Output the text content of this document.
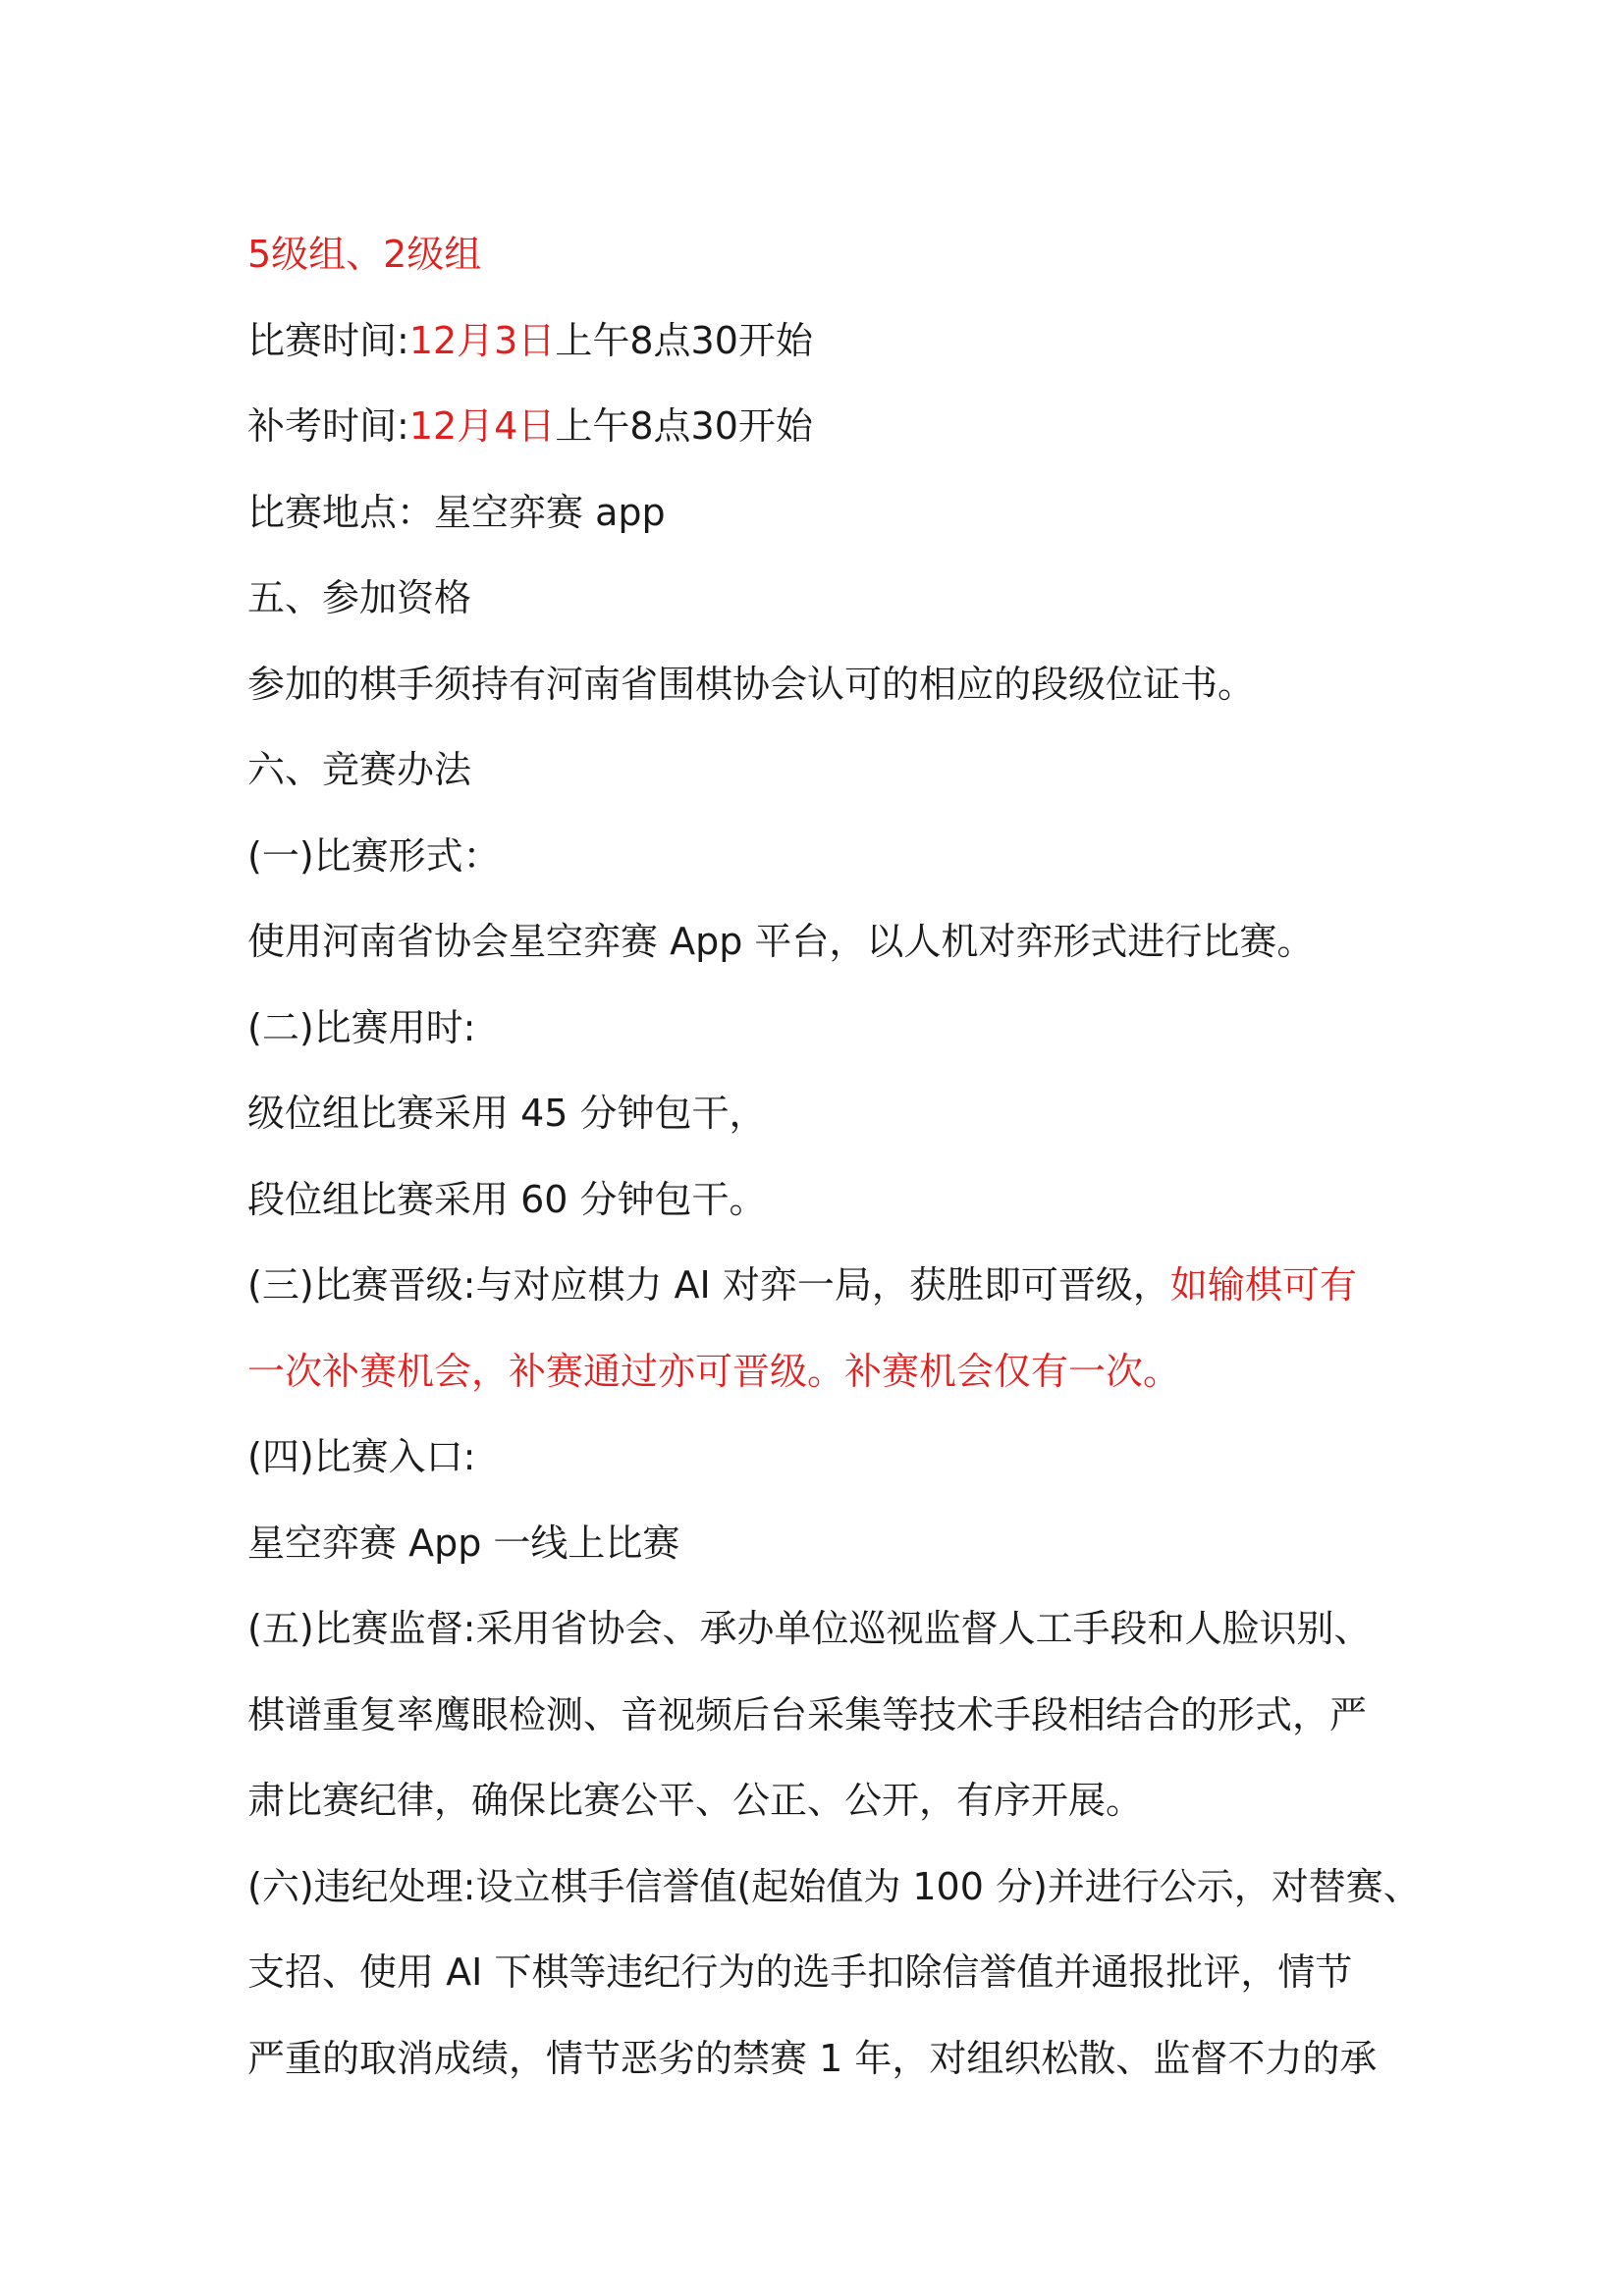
5级组、2级组
比赛时间:12月3日上午8点30开始
补考时间:12月4日上午8点30开始
比赛地点：星空弈赛 app
五、参加资格
参加的棋手须持有河南省围棋协会认可的相应的段级位证书。
六、竞赛办法
(一)比赛形式：
使用河南省协会星空弈赛 App 平台，以人机对弈形式进行比赛。
(二)比赛用时:
级位组比赛采用 45 分钟包干，
段位组比赛采用 60 分钟包干。
(三)比赛晋级:与对应棋力 AI 对弈一局，获胜即可晋级，如输棋可有
一次补赛机会，补赛通过亦可晋级。补赛机会仅有一次。
(四)比赛入口:
星空弈赛 App 一线上比赛
(五)比赛监督:采用省协会、承办单位巡视监督人工手段和人脸识别、
棋谱重复率鹰眼检测、音视频后台采集等技术手段相结合的形式，严
肃比赛纪律，确保比赛公平、公正、公开，有序开展。
(六)违纪处理:设立棋手信誉值(起始值为 100 分)并进行公示，对替赛、
支招、使用 AI 下棋等违纪行为的选手扣除信誉值并通报批评，情节
严重的取消成绩，情节恶劣的禁赛 1 年，对组织松散、监督不力的承
